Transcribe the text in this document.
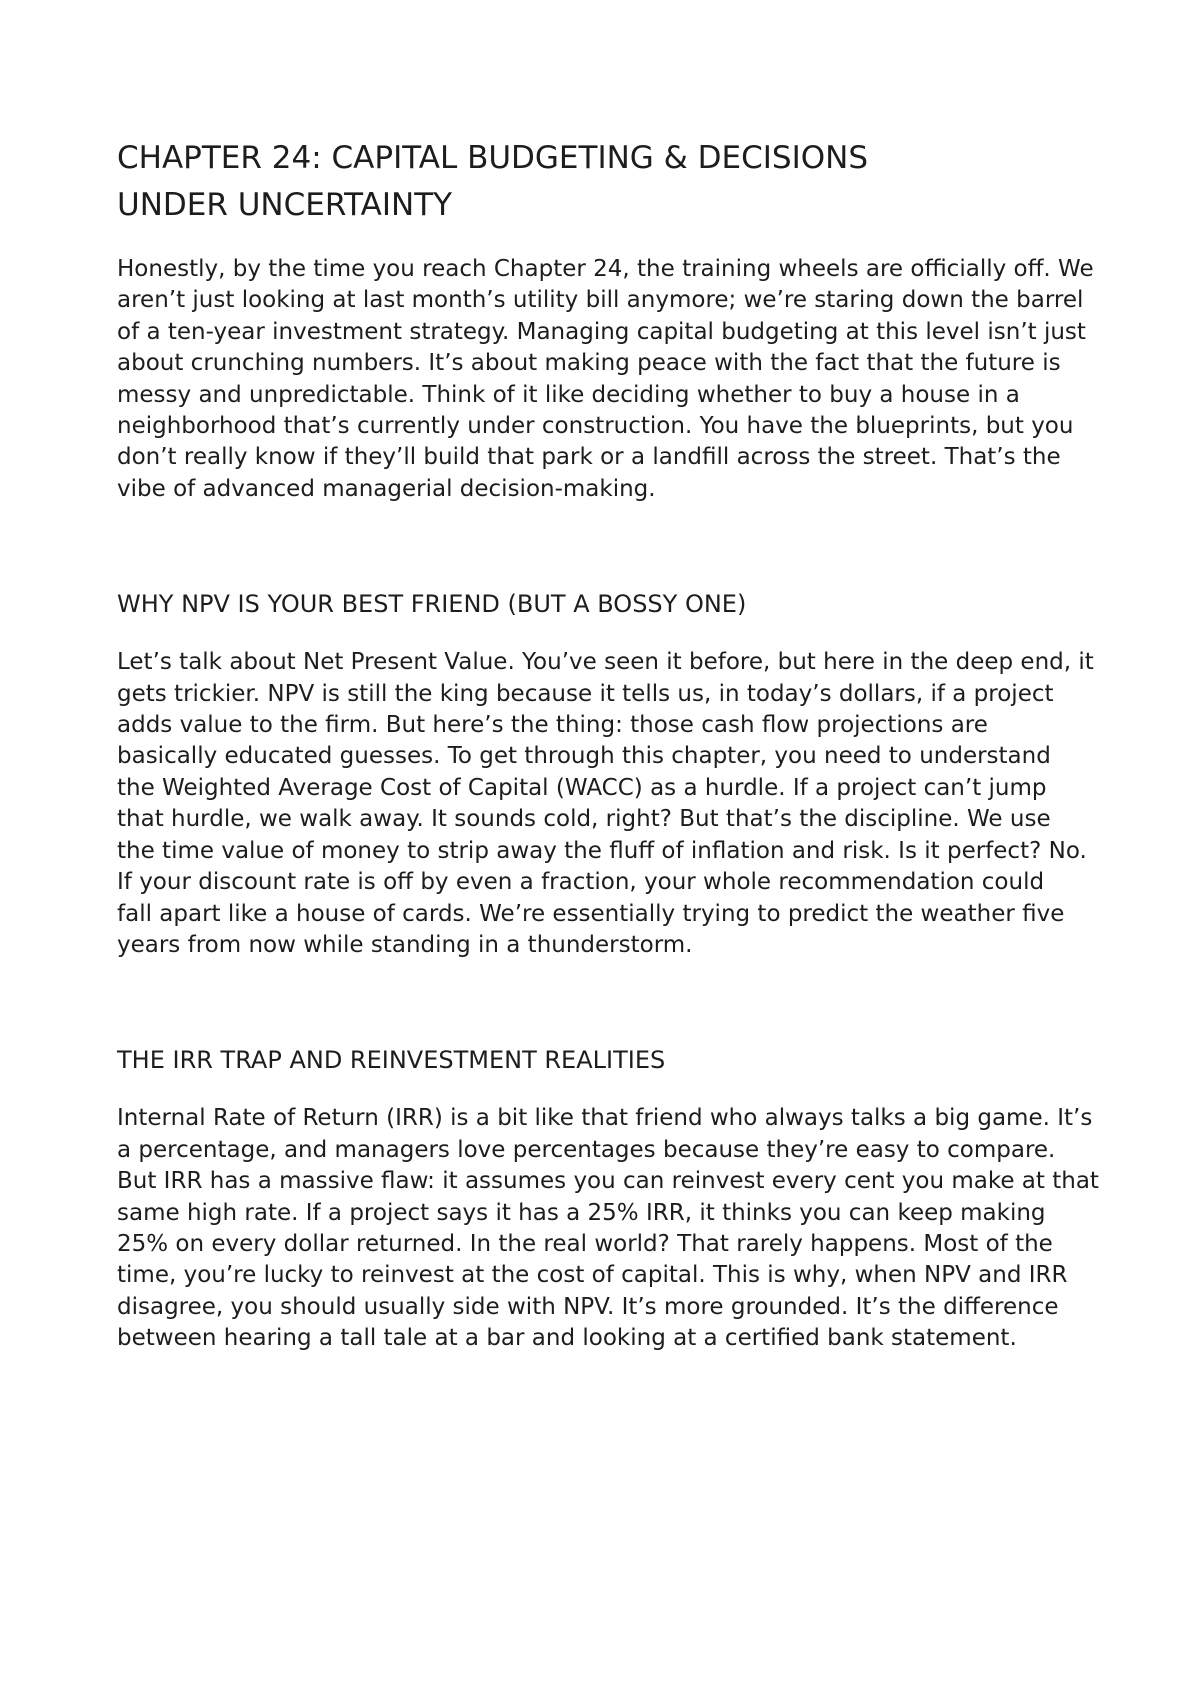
CHAPTER 24: CAPITAL BUDGETING & DECISIONS
UNDER UNCERTAINTY

Honestly, by the time you reach Chapter 24, the training wheels are officially off. We
aren’t just looking at last month’s utility bill anymore; we’re staring down the barrel
of a ten-year investment strategy. Managing capital budgeting at this level isn’t just
about crunching numbers. It’s about making peace with the fact that the future is
messy and unpredictable. Think of it like deciding whether to buy a house in a
neighborhood that’s currently under construction. You have the blueprints, but you
don’t really know if they’ll build that park or a landfill across the street. That’s the
vibe of advanced managerial decision-making.

WHY NPV IS YOUR BEST FRIEND (BUT A BOSSY ONE)

Let’s talk about Net Present Value. You’ve seen it before, but here in the deep end, it
gets trickier. NPV is still the king because it tells us, in today’s dollars, if a project
adds value to the firm. But here’s the thing: those cash flow projections are
basically educated guesses. To get through this chapter, you need to understand
the Weighted Average Cost of Capital (WACC) as a hurdle. If a project can’t jump
that hurdle, we walk away. It sounds cold, right? But that’s the discipline. We use
the time value of money to strip away the fluff of inflation and risk. Is it perfect? No.
If your discount rate is off by even a fraction, your whole recommendation could
fall apart like a house of cards. We’re essentially trying to predict the weather five
years from now while standing in a thunderstorm.

THE IRR TRAP AND REINVESTMENT REALITIES

Internal Rate of Return (IRR) is a bit like that friend who always talks a big game. It’s
a percentage, and managers love percentages because they’re easy to compare.
But IRR has a massive flaw: it assumes you can reinvest every cent you make at that
same high rate. If a project says it has a 25% IRR, it thinks you can keep making
25% on every dollar returned. In the real world? That rarely happens. Most of the
time, you’re lucky to reinvest at the cost of capital. This is why, when NPV and IRR
disagree, you should usually side with NPV. It’s more grounded. It’s the difference
between hearing a tall tale at a bar and looking at a certified bank statement.
